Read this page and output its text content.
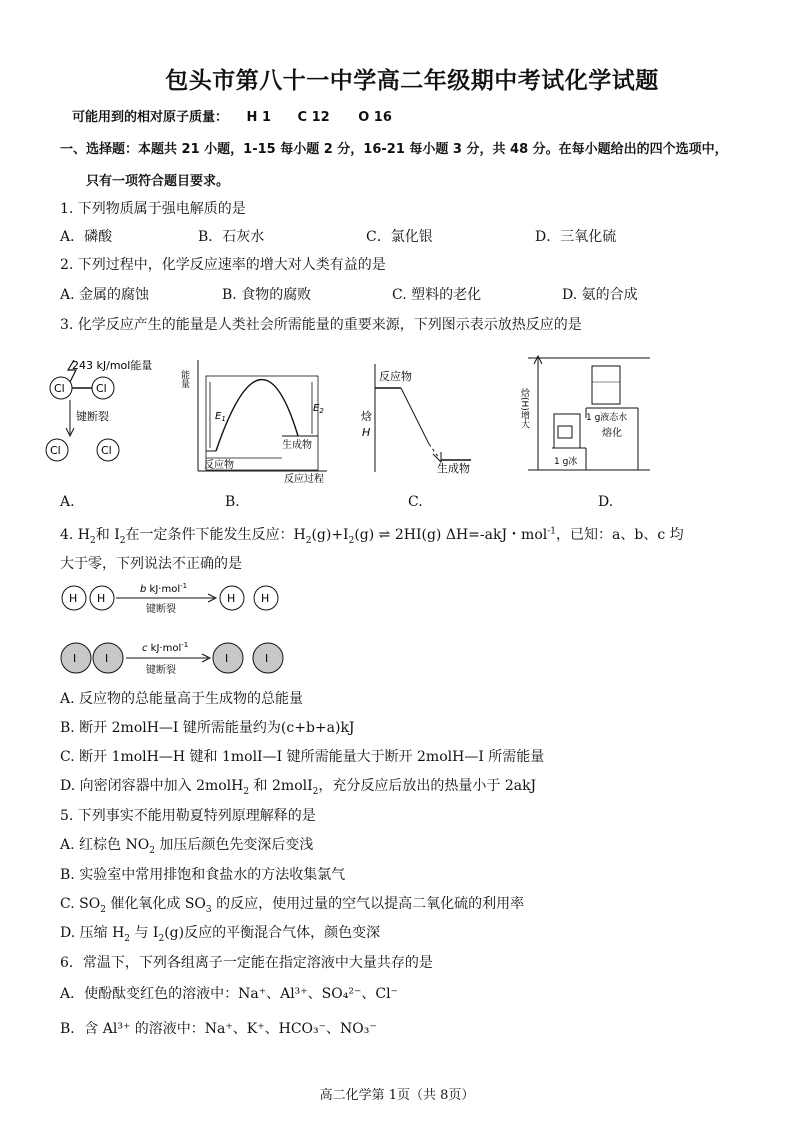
包头市第八十一中学高二年级期中考试化学试题
可能用到的相对原子质量： H 1 C 12 O 16
一、选择题：本题共 21 小题，1-15 每小题 2 分，16-21 每小题 3 分，共 48 分。在每小题给出的四个选项中，
只有一项符合题目要求。
1. 下列物质属于强电解质的是
A．磷酸	B．石灰水	C．氯化银	D．三氧化硫
2. 下列过程中，化学反应速率的增大对人类有益的是
A. 金属的腐蚀	B. 食物的腐败	C. 塑料的老化	D. 氨的合成
3. 化学反应产生的能量是人类社会所需能量的重要来源，下列图示表示放热反应的是
243 kJ/mol能量
Cl	Cl
键断裂
Cl	Cl
能量
$E_1$
$E_2$
生成物
反应物
反应过程
反应物
生成物
焓
H
焓(H)增大
1 g冰
1 g液态水
熔化
A.	B.	C.	D.
4. $H_2$和 $I_2$在一定条件下能发生反应：$H_2(g)+I_2(g)$ ⇌ 2HI(g) ΔH=-akJ・mol$^{-1}$，已知：a、b、c 均
大于零，下列说法不正确的是
H H
b kJ·mol$^{-1}$
键断裂
H H
I	I
c kJ·mol$^{-1}$
键断裂
I	I
A. 反应物的总能量高于生成物的总能量
B. 断开 2molH—I 键所需能量约为(c+b+a)kJ
C. 断开 1molH—H 键和 1molI—I 键所需能量大于断开 2molH—I 所需能量
D. 向密闭容器中加入 2molH$_2$ 和 2molI$_2$，充分反应后放出的热量小于 2akJ
5. 下列事实不能用勒夏特列原理解释的是
A. 红棕色 $NO_2$ 加压后颜色先变深后变浅
B. 实验室中常用排饱和食盐水的方法收集氯气
C. $SO_2$ 催化氧化成 $SO_3$ 的反应，使用过量的空气以提高二氧化硫的利用率
D. 压缩 $H_2$ 与 $I_2(g)$反应的平衡混合气体，颜色变深
6．常温下，下列各组离子一定能在指定溶液中大量共存的是
A．使酚酞变红色的溶液中：Na⁺、Al³⁺、SO₄²⁻、Cl⁻
B．含 Al³⁺ 的溶液中：Na⁺、K⁺、HCO₃⁻、NO₃⁻
高二化学第 1页（共 8页）
